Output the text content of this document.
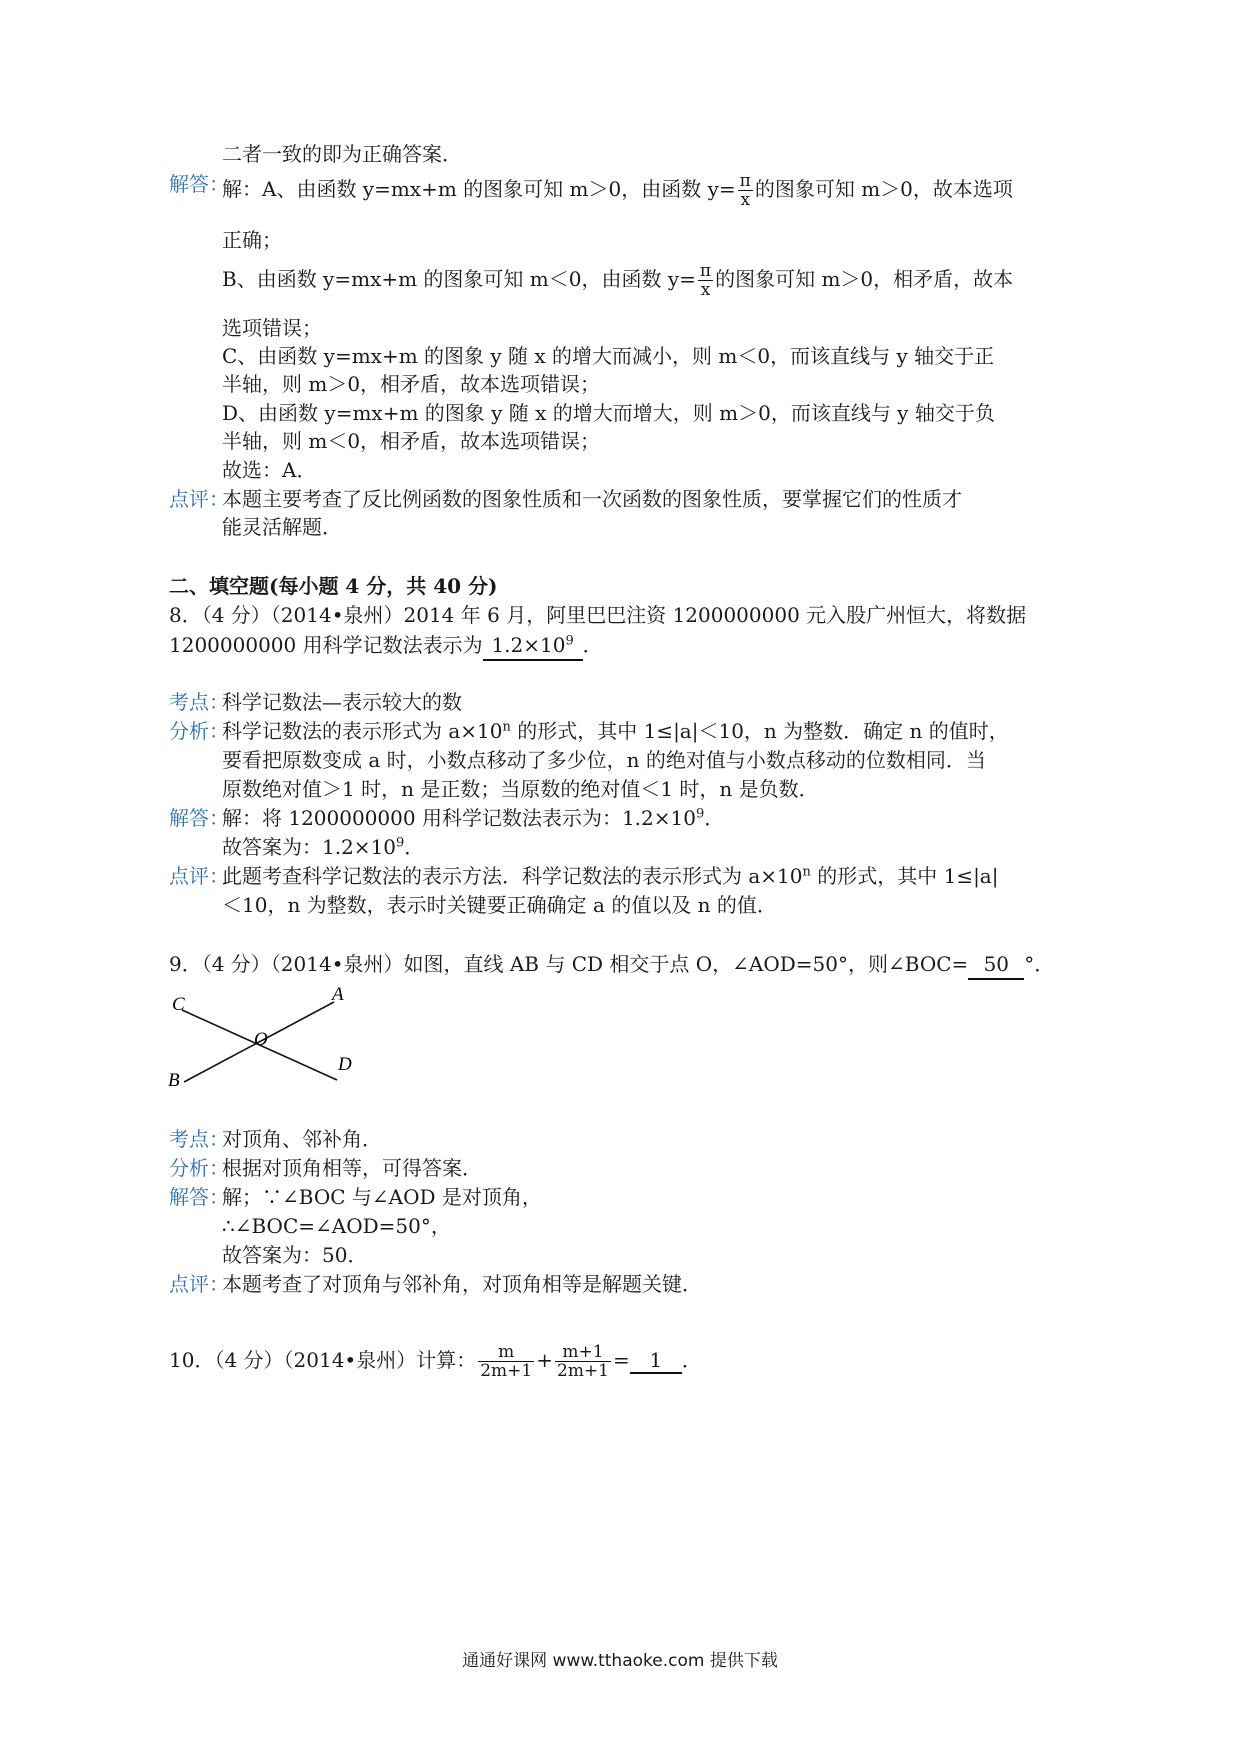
二者一致的即为正确答案．
解答：
解：A、由函数 y=mx+m 的图象可知 m＞0，由函数 $y= \frac{\pi}{x}$ 的图象可知 m＞0，故本选项
正确；
B、由函数 y=mx+m 的图象可知 m＜0，由函数 $y= \frac{\pi}{x}$ 的图象可知 m＞0，相矛盾，故本
选项错误；
C、由函数 y=mx+m 的图象 y 随 x 的增大而减小，则 m＜0，而该直线与 y 轴交于正
半轴，则 m＞0，相矛盾，故本选项错误；
D、由函数 y=mx+m 的图象 y 随 x 的增大而增大，则 m＞0，而该直线与 y 轴交于负
半轴，则 m＜0，相矛盾，故本选项错误；
故选：A．
点评：
本题主要考查了反比例函数的图象性质和一次函数的图象性质，要掌握它们的性质才
能灵活解题．
二、填空题(每小题 4 分，共 40 分)
8．（4 分）（2014•泉州）2014 年 6 月，阿里巴巴注资 1200000000 元入股广州恒大，将数据
1200000000 用科学记数法表示为 $1.2\times 10^9$ ．
考点：
科学记数法—表示较大的数
分析：
科学记数法的表示形式为 $a\times 10^n$ 的形式，其中 1≤|a|＜10，n 为整数．确定 n 的值时，
要看把原数变成 a 时，小数点移动了多少位，n 的绝对值与小数点移动的位数相同．当
原数绝对值＞1 时，n 是正数；当原数的绝对值＜1 时，n 是负数．
解答：
解：将 1200000000 用科学记数法表示为：$1.2\times 10^9$．
故答案为：$1.2\times 10^9$．
点评：
此题考查科学记数法的表示方法．科学记数法的表示形式为 $a\times 10^n$ 的形式，其中 1≤|a|
＜10，n 为整数，表示时关键要正确确定 a 的值以及 n 的值．
9．（4 分）（2014•泉州）如图，直线 AB 与 CD 相交于点 O，∠AOD=50°，则∠BOC= 50 °．
C	A
O
D
B
考点：
对顶角、邻补角．
分析：
根据对顶角相等，可得答案．
解答：
解；∵∠BOC 与∠AOD 是对顶角，
∴∠BOC=∠AOD=50°，
故答案为：50．
点评：
本题考查了对顶角与邻补角，对顶角相等是解题关键．
10．（4 分）（2014•泉州）计算： $\frac{m}{2m+1} + \frac{m+1}{2m+1} = 1$ ．
通通好课网 www.tthaoke.com 提供下载
